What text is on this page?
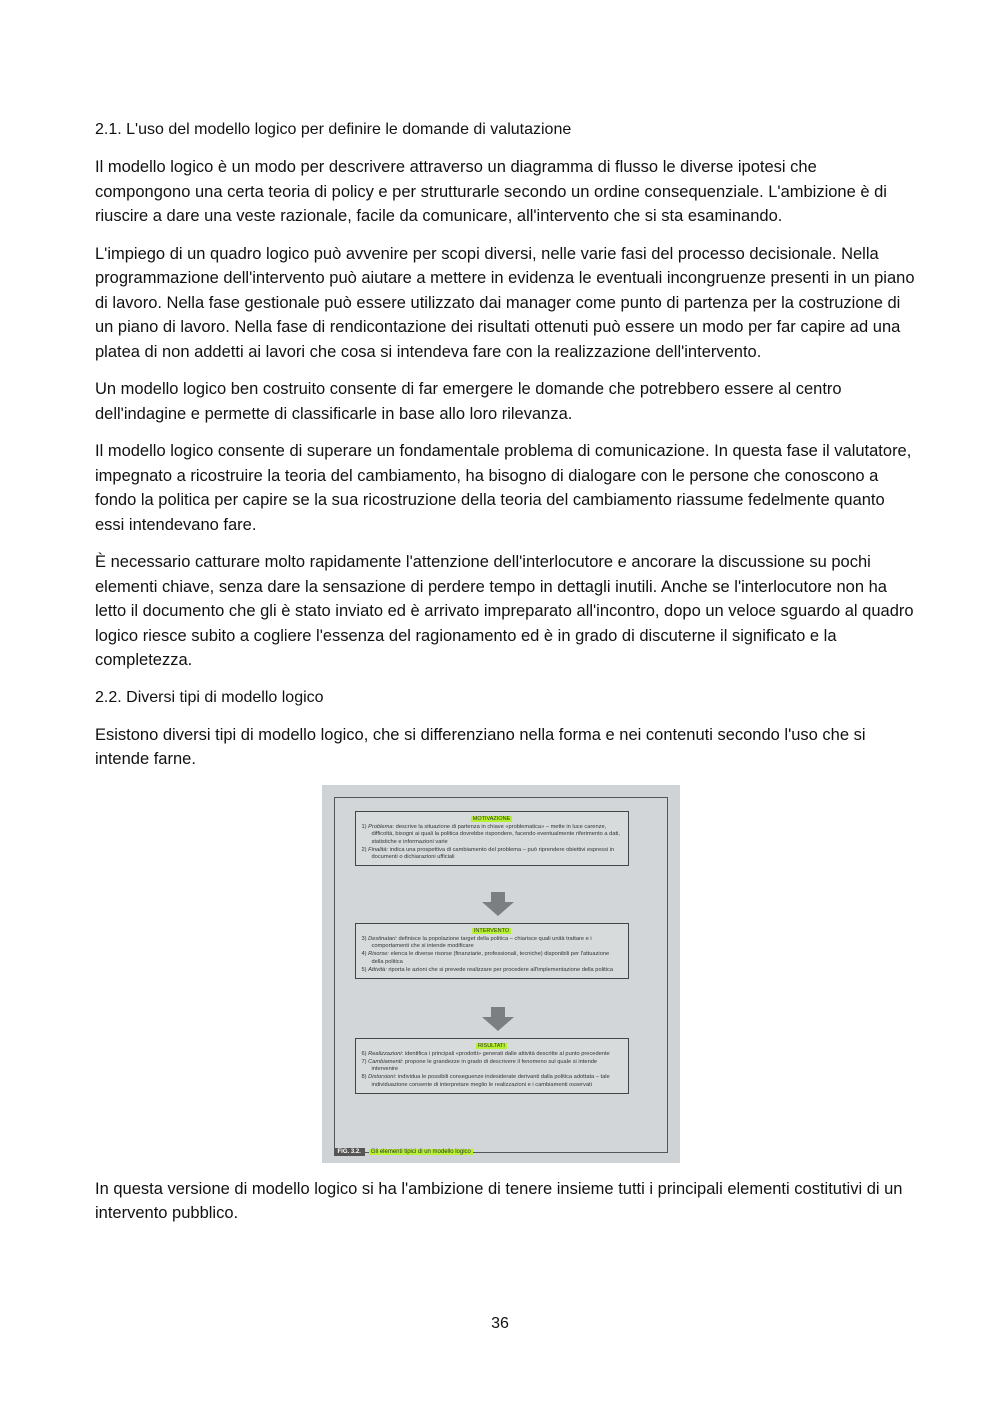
2.1. L'uso del modello logico per definire le domande di valutazione

Il modello logico è un modo per descrivere attraverso un diagramma di flusso le diverse ipotesi che compongono una certa teoria di policy e per strutturarle secondo un ordine consequenziale. L'ambizione è di riuscire a dare una veste razionale, facile da comunicare, all'intervento che si sta esaminando.

L'impiego di un quadro logico può avvenire per scopi diversi, nelle varie fasi del processo decisionale. Nella programmazione dell'intervento può aiutare a mettere in evidenza le eventuali incongruenze presenti in un piano di lavoro. Nella fase gestionale può essere utilizzato dai manager come punto di partenza per la costruzione di un piano di lavoro. Nella fase di rendicontazione dei risultati ottenuti può essere un modo per far capire ad una platea di non addetti ai lavori che cosa si intendeva fare con la realizzazione dell'intervento.

Un modello logico ben costruito consente di far emergere le domande che potrebbero essere al centro dell'indagine e permette di classificarle in base allo loro rilevanza.

Il modello logico consente di superare un fondamentale problema di comunicazione. In questa fase il valutatore, impegnato a ricostruire la teoria del cambiamento, ha bisogno di dialogare con le persone che conoscono a fondo la politica per capire se la sua ricostruzione della teoria del cambiamento riassume fedelmente quanto essi intendevano fare.

È necessario catturare molto rapidamente l'attenzione dell'interlocutore e ancorare la discussione su pochi elementi chiave, senza dare la sensazione di perdere tempo in dettagli inutili. Anche se l'interlocutore non ha letto il documento che gli è stato inviato ed è arrivato impreparato all'incontro, dopo un veloce sguardo al quadro logico riesce subito a cogliere l'essenza del ragionamento ed è in grado di discuterne il significato e la completezza.

2.2. Diversi tipi di modello logico

Esistono diversi tipi di modello logico, che si differenziano nella forma e nei contenuti secondo l'uso che si intende farne.

MOTIVAZIONE
1) Problema: descrive la situazione di partenza in chiave «problematica» – mette in luce carenze, difficoltà, bisogni ai quali la politica dovrebbe rispondere, facendo eventualmente riferimento a dati, statistiche e informazioni varie
2) Finalità: indica una prospettiva di cambiamento del problema – può riprendere obiettivi espressi in documenti o dichiarazioni ufficiali
INTERVENTO
3) Destinatari: definisce la popolazione target della politica – chiarisce quali unità trattare e i comportamenti che si intende modificare
4) Risorse: elenca le diverse risorse (finanziarie, professionali, tecniche) disponibili per l'attuazione della politica
5) Attività: riporta le azioni che si prevede realizzare per procedere all'implementazione della politica
RISULTATI
6) Realizzazioni: identifica i principali «prodotti» generati dalle attività descritte al punto precedente
7) Cambiamenti: propone le grandezze in grado di descrivere il fenomeno sul quale si intende intervenire
8) Distorsioni: individua le possibili conseguenze indesiderate derivanti dalla politica adottata – tale individuazione consente di interpretare meglio le realizzazioni e i cambiamenti osservati
FIG. 3.2. Gli elementi tipici di un modello logico

In questa versione di modello logico si ha l'ambizione di tenere insieme tutti i principali elementi costitutivi di un intervento pubblico.

36
